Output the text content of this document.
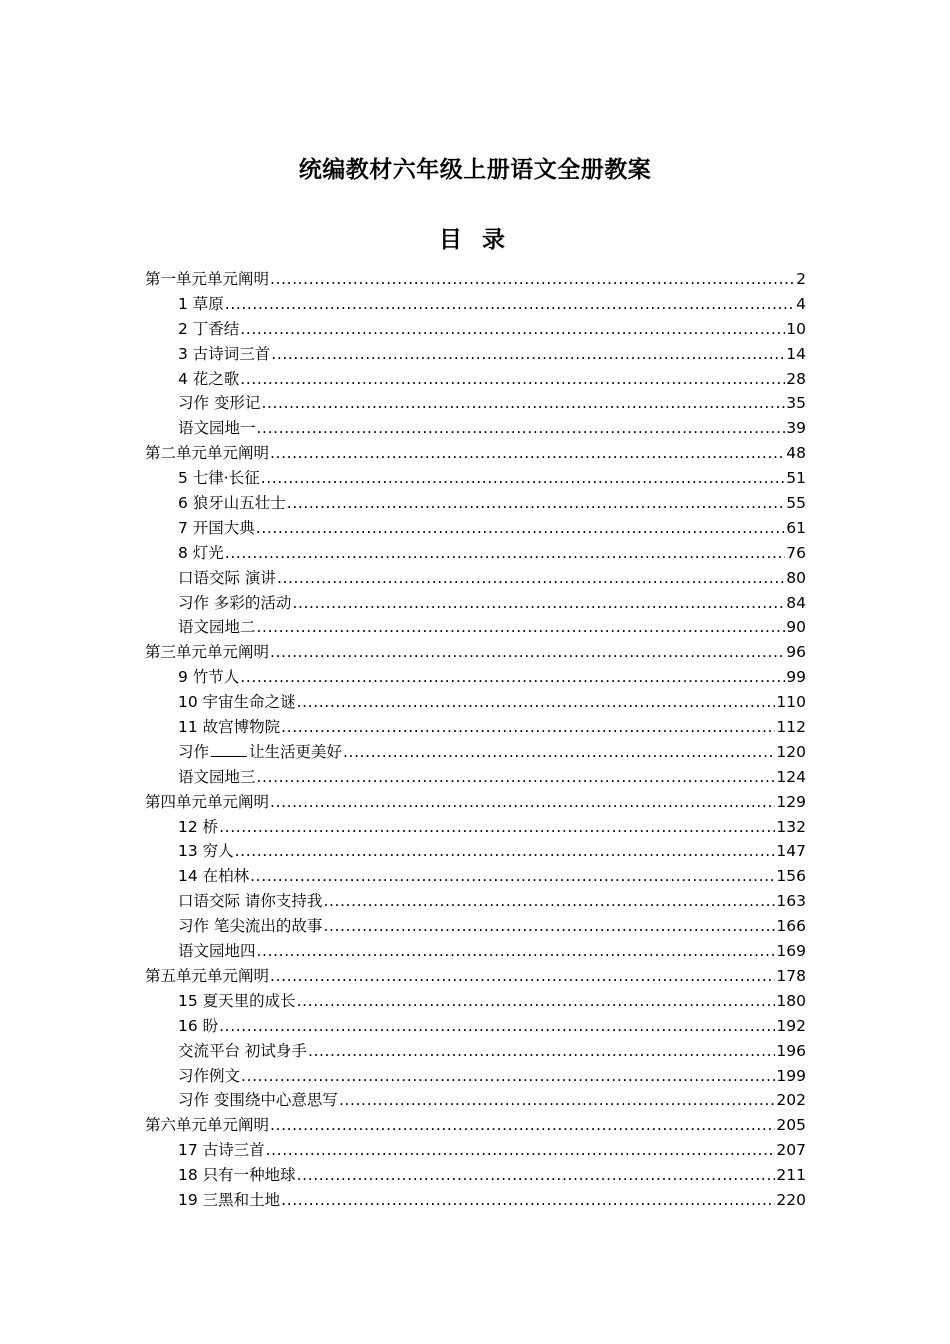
统编教材六年级上册语文全册教案
目 录
第一单元单元阐明 .....	2
1 草原 .....	4
2 丁香结 .....	10
3 古诗词三首 .....	14
4 花之歌 .....	28
习作 变形记 .....	35
语文园地一 .....	39
第二单元单元阐明 .....	48
5 七律·长征 .....	51
6 狼牙山五壮士 .....	55
7 开国大典 .....	61
8 灯光 .....	76
口语交际 演讲 .....	80
习作 多彩的活动 .....	84
语文园地二 .....	90
第三单元单元阐明 .....	96
9 竹节人 .....	99
10 宇宙生命之谜 .....	110
11 故宫博物院 .....	112
习作	让生活更美好 .....	120
语文园地三 .....	124
第四单元单元阐明 .....	129
12 桥 .....	132
13 穷人 .....	147
14 在柏林 .....	156
口语交际 请你支持我 .....	163
习作 笔尖流出的故事 .....	166
语文园地四 .....	169
第五单元单元阐明 .....	178
15 夏天里的成长 .....	180
16 盼 .....	192
交流平台 初试身手 .....	196
习作例文 .....	199
习作 变围绕中心意思写 .....	202
第六单元单元阐明 .....	205
17 古诗三首 .....	207
18 只有一种地球 .....	211
19 三黑和土地 .....	220
